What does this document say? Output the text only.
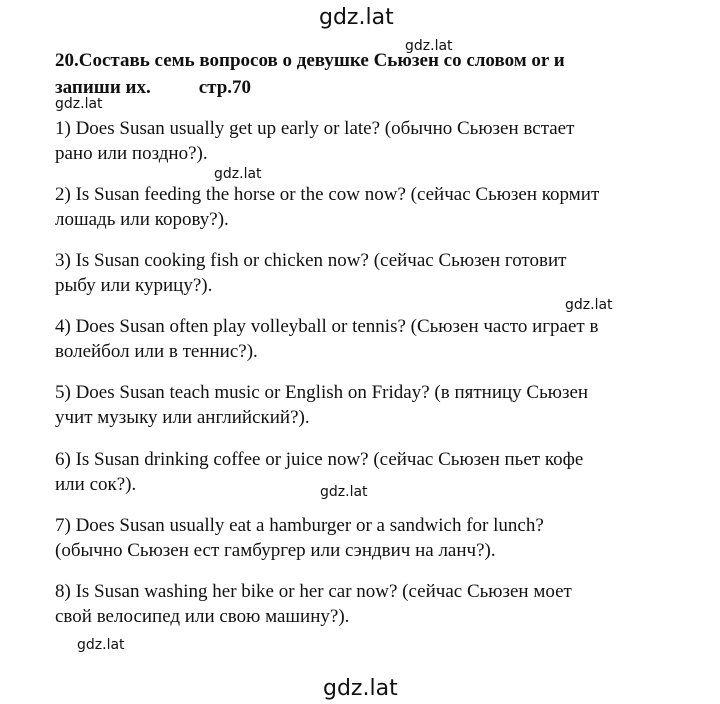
gdz.lat
gdz.lat
gdz.lat
gdz.lat
gdz.lat
gdz.lat
gdz.lat
gdz.lat
20.Составь семь вопросов о девушке Сьюзен со словом or и
запиши их.	стр.70
1) Does Susan usually get up early or late? (обычно Сьюзен встает
рано или поздно?).
2) Is Susan feeding the horse or the cow now? (сейчас Сьюзен кормит
лошадь или корову?).
3) Is Susan cooking fish or chicken now? (сейчас Сьюзен готовит
рыбу или курицу?).
4) Does Susan often play volleyball or tennis? (Сьюзен часто играет в
волейбол или в теннис?).
5) Does Susan teach music or English on Friday? (в пятницу Сьюзен
учит музыку или английский?).
6) Is Susan drinking coffee or juice now? (сейчас Сьюзен пьет кофе
или сок?).
7) Does Susan usually eat a hamburger or a sandwich for lunch?
(обычно Сьюзен ест гамбургер или сэндвич на ланч?).
8) Is Susan washing her bike or her car now? (сейчас Сьюзен моет
свой велосипед или свою машину?).
